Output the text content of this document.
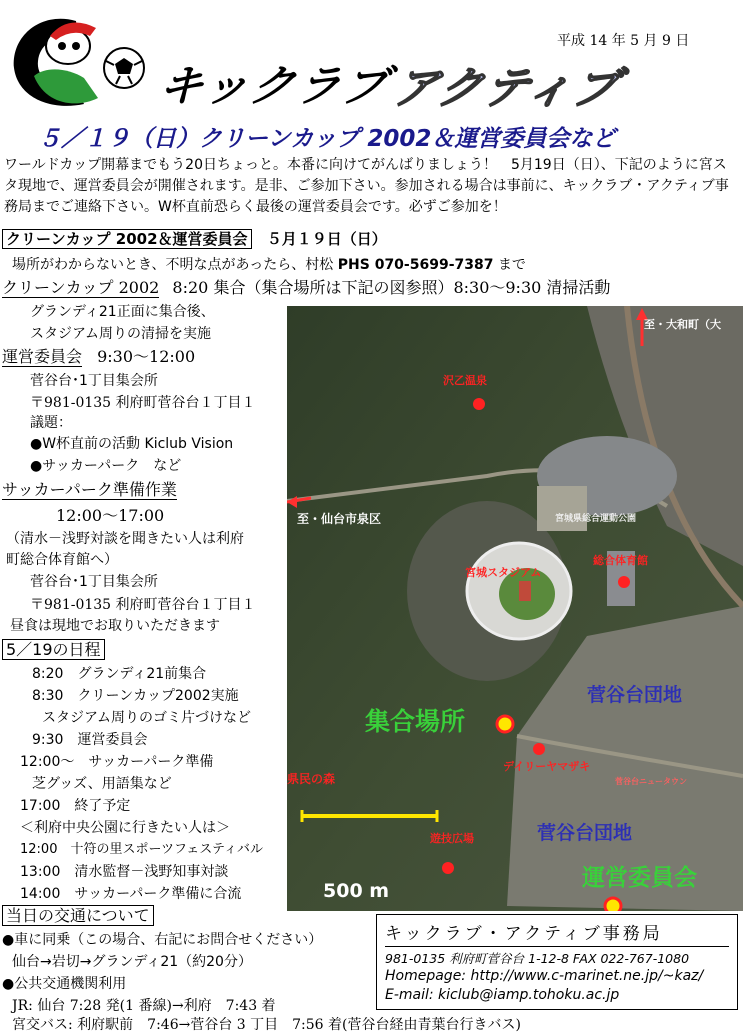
キックラブ
アクティブ
平成 14 年 5 月 9 日
５／１９（日）クリーンカップ 2002＆運営委員会など
ワールドカップ開幕までもう20日ちょっと。本番に向けてがんばりましょう！　5月19日（日）、下記のように宮スタ現地で、運営委員会が開催されます。是非、ご参加下さい。参加される場合は事前に、キックラブ・アクティブ事務局までご連絡下さい。W杯直前恐らく最後の運営委員会です。必ずご参加を！
クリーンカップ 2002＆運営委員会 ５月１９日（日）
場所がわからないとき、不明な点があったら、村松 PHS 070-5699-7387 まで
クリーンカップ 2002 8:20 集合（集合場所は下記の図参照）8:30～9:30 清掃活動
グランディ21正面に集合後、
スタジアム周りの清掃を実施
運営委員会 9:30～12:00
菅谷台･1丁目集会所
〒981-0135 利府町菅谷台１丁目１
議題：
●W杯直前の活動 Kiclub Vision
●サッカーパーク　など
サッカーパーク準備作業
12:00～17:00
（清水－浅野対談を聞きたい人は利府
町総合体育館へ）
菅谷台･1丁目集会所
〒981-0135 利府町菅谷台１丁目１
昼食は現地でお取りいただきます
5／19の日程
8:20　グランディ21前集合
8:30　クリーンカップ2002実施
スタジアム周りのゴミ片づけなど
9:30　運営委員会
12:00～　サッカーパーク準備
芝グッズ、用語集など
17:00　終了予定
＜利府中央公園に行きたい人は＞
12:00　十符の里スポーツフェスティバル
13:00　清水監督－浅野知事対談
14:00　サッカーパーク準備に合流
当日の交通について
●車に同乗（この場合、右記にお問合せください）
仙台→岩切→グランディ21（約20分）
●公共交通機関利用
JR: 仙台 7:28 発(1 番線)→利府　7:43 着
宮交バス: 利府駅前　7:46→菅谷台 3 丁目　7:56 着(菅谷台経由青葉台行きバス)
至・大和町（大
沢乙温泉
至・仙台市泉区	宮城県総合運動公園
宮城スタジアム
総合体育館
菅谷台団地
集合場所
デイリーヤマザキ
菅谷台ニュータウン
県民の森
菅谷台団地
遊技広場
500 m	運営委員会
キックラブ・アクティブ事務局
981-0135 利府町菅谷台 1-12-8 FAX 022-767-1080
Homepage: http://www.c-marinet.ne.jp/~kaz/
E-mail: kiclub@iamp.tohoku.ac.jp
